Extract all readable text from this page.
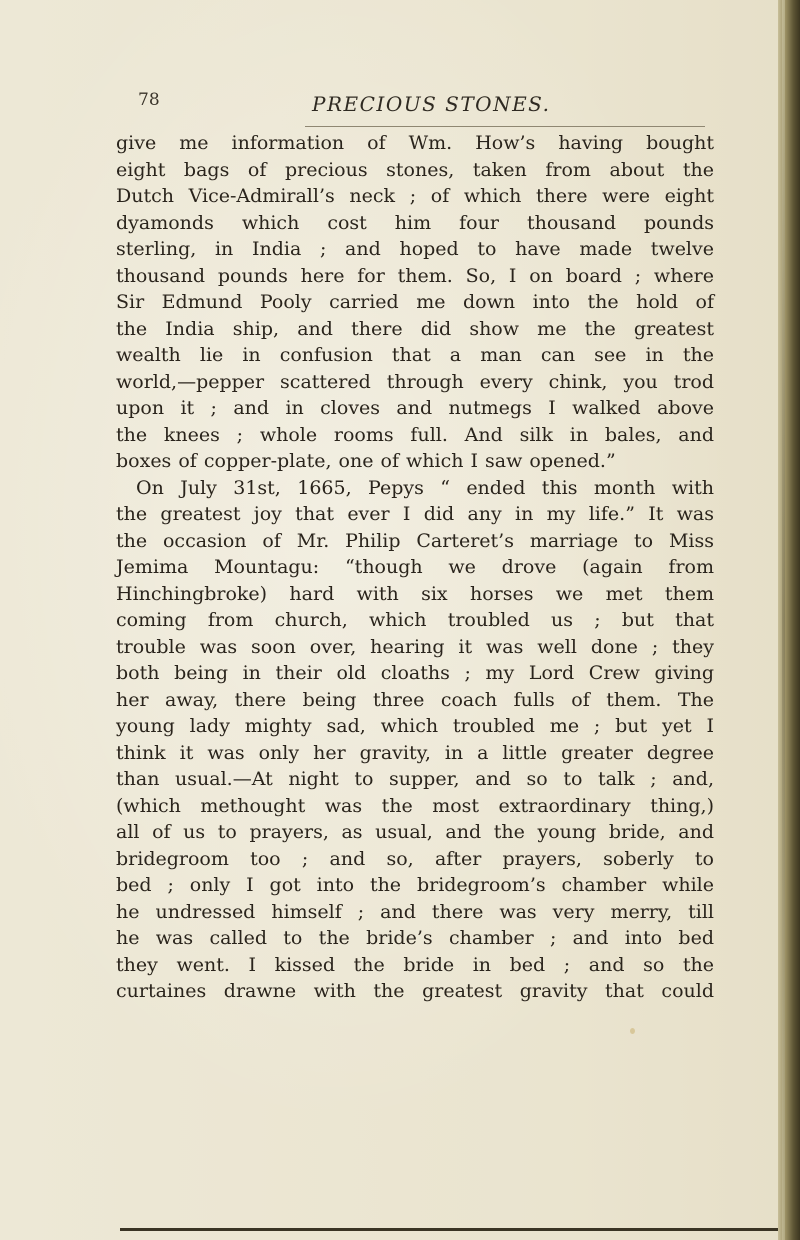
78	PRECIOUS STONES.
give me information of Wm. How’s having bought
eight bags of precious stones, taken from about the
Dutch Vice-Admirall’s neck ; of which there were eight
dyamonds which cost him four thousand pounds
sterling, in India ; and hoped to have made twelve
thousand pounds here for them. So, I on board ; where
Sir Edmund Pooly carried me down into the hold of
the India ship, and there did show me the greatest
wealth lie in confusion that a man can see in the
world,—pepper scattered through every chink, you trod
upon it ; and in cloves and nutmegs I walked above
the knees ; whole rooms full. And silk in bales, and
boxes of copper-plate, one of which I saw opened.”
On July 31st, 1665, Pepys “ ended this month with
the greatest joy that ever I did any in my life.” It was
the occasion of Mr. Philip Carteret’s marriage to Miss
Jemima Mountagu: “though we drove (again from
Hinchingbroke) hard with six horses we met them
coming from church, which troubled us ; but that
trouble was soon over, hearing it was well done ; they
both being in their old cloaths ; my Lord Crew giving
her away, there being three coach fulls of them. The
young lady mighty sad, which troubled me ; but yet I
think it was only her gravity, in a little greater degree
than usual.—At night to supper, and so to talk ; and,
(which methought was the most extraordinary thing,)
all of us to prayers, as usual, and the young bride, and
bridegroom too ; and so, after prayers, soberly to
bed ; only I got into the bridegroom’s chamber while
he undressed himself ; and there was very merry, till
he was called to the bride’s chamber ; and into bed
they went. I kissed the bride in bed ; and so the
curtaines drawne with the greatest gravity that could
